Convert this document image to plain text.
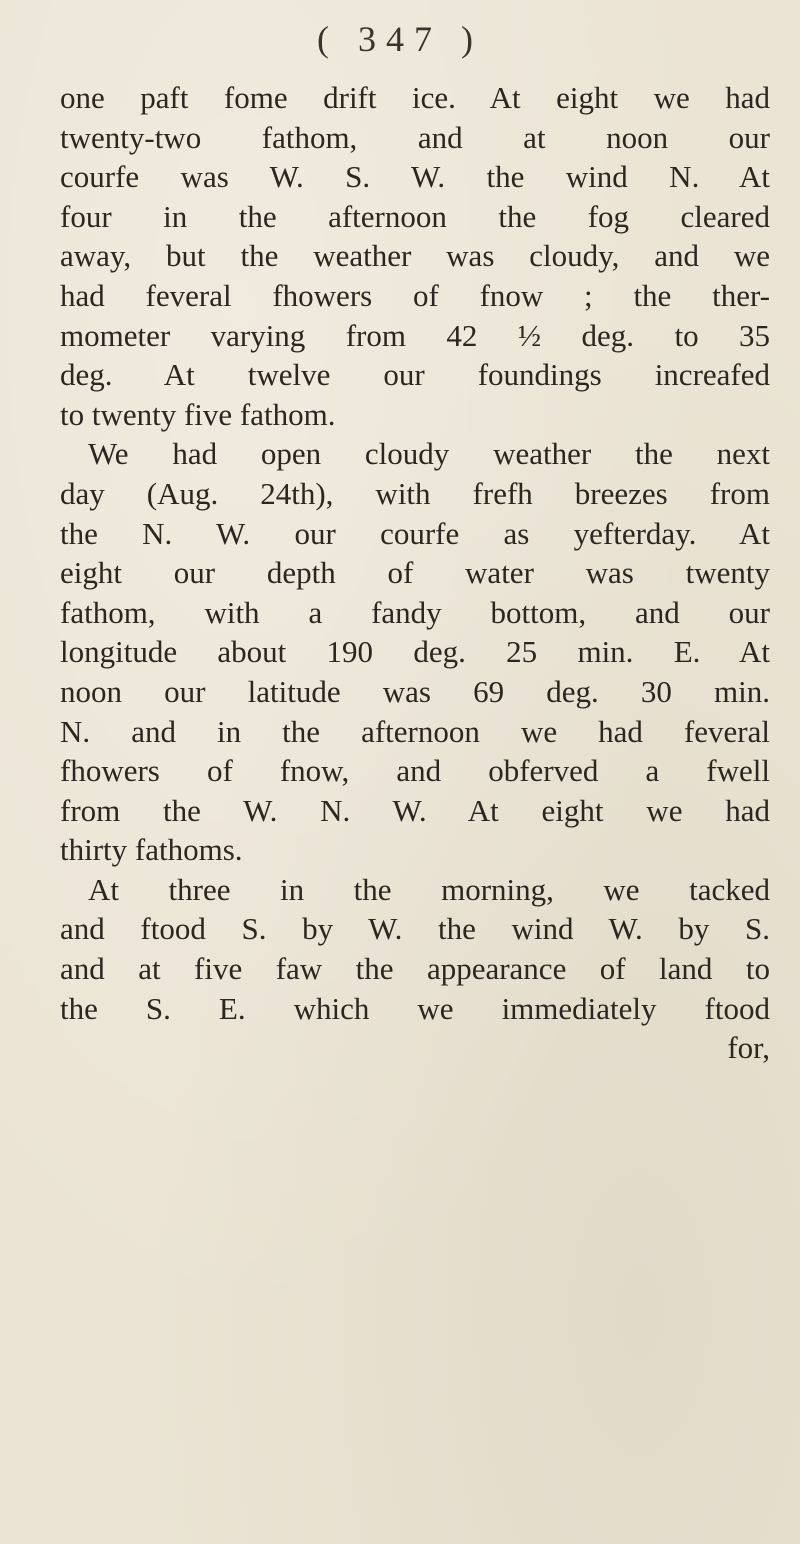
( 347 )
one paft fome drift ice. At eight we had
twenty-two fathom, and at noon our
courfe was W. S. W. the wind N. At
four in the afternoon the fog cleared
away, but the weather was cloudy, and we
had feveral fhowers of fnow ; the ther-
mometer varying from 42 ½ deg. to 35
deg. At twelve our foundings increafed
to twenty five fathom.
We had open cloudy weather the next
day (Aug. 24th), with frefh breezes from
the N. W. our courfe as yefterday. At
eight our depth of water was twenty
fathom, with a fandy bottom, and our
longitude about 190 deg. 25 min. E. At
noon our latitude was 69 deg. 30 min.
N. and in the afternoon we had feveral
fhowers of fnow, and obferved a fwell
from the W. N. W. At eight we had
thirty fathoms.
At three in the morning, we tacked
and ftood S. by W. the wind W. by S.
and at five faw the appearance of land to
the S. E. which we immediately ftood
for,
